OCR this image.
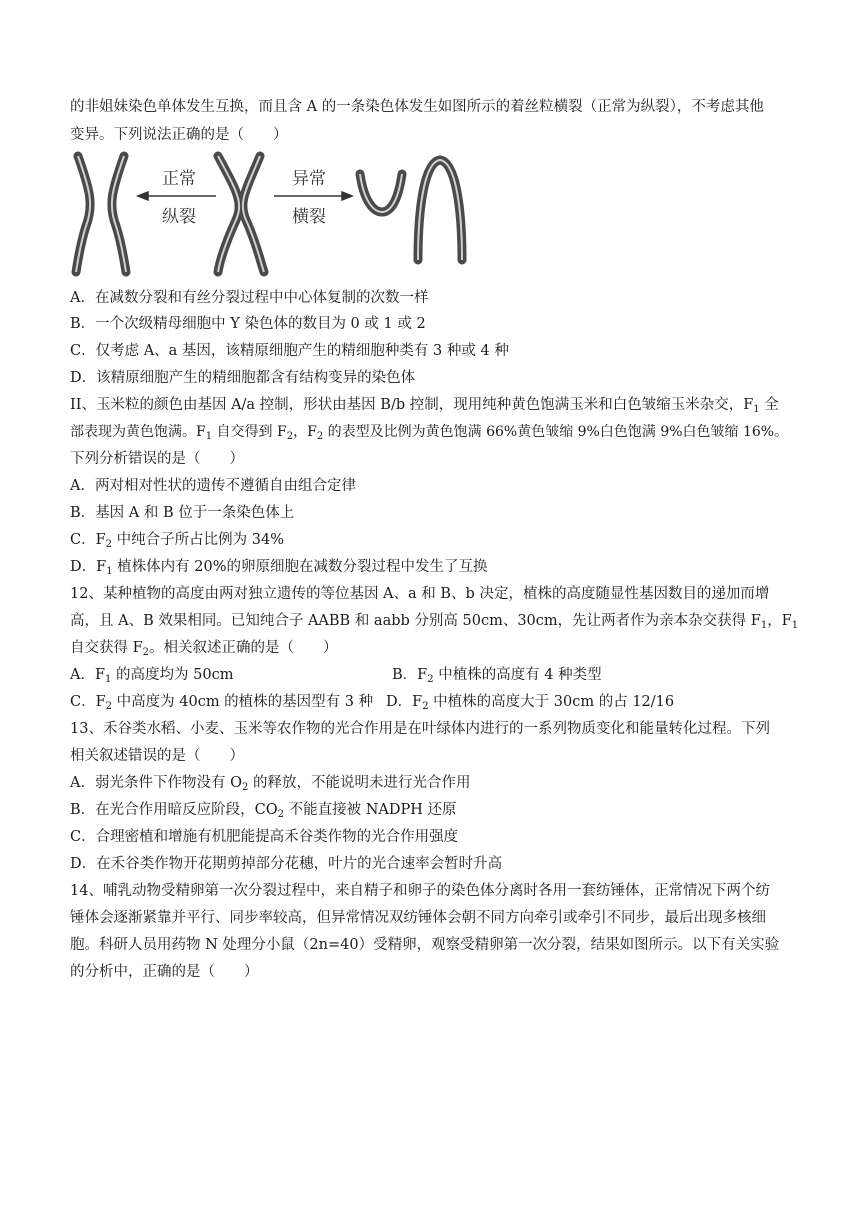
的非姐妹染色单体发生互换，而且含 A 的一条染色体发生如图所示的着丝粒横裂（正常为纵裂），不考虑其他
变异。下列说法正确的是（　　）
正常
纵裂
异常
横裂
A．在减数分裂和有丝分裂过程中中心体复制的次数一样
B．一个次级精母细胞中 Y 染色体的数目为 0 或 1 或 2
C．仅考虑 A、a 基因，该精原细胞产生的精细胞种类有 3 种或 4 种
D．该精原细胞产生的精细胞都含有结构变异的染色体
II、玉米粒的颜色由基因 A/a 控制，形状由基因 B/b 控制，现用纯种黄色饱满玉米和白色皱缩玉米杂交，$F_1$ 全
部表现为黄色饱满。$F_1$ 自交得到 $F_2$，$F_2$ 的表型及比例为黄色饱满 66%黄色皱缩 9%白色饱满 9%白色皱缩 16%。
下列分析错误的是（　　）
A．两对相对性状的遗传不遵循自由组合定律
B．基因 A 和 B 位于一条染色体上
C．$F_2$ 中纯合子所占比例为 34%
D．$F_1$ 植株体内有 20%的卵原细胞在减数分裂过程中发生了互换
12、某种植物的高度由两对独立遗传的等位基因 A、a 和 B、b 决定，植株的高度随显性基因数目的递加而增
高，且 A、B 效果相同。已知纯合子 AABB 和 aabb 分别高 50cm、30cm，先让两者作为亲本杂交获得 $F_1$，$F_1$
自交获得 $F_2$。相关叙述正确的是（　　）
A．$F_1$ 的高度均为 50cm	B．$F_2$ 中植株的高度有 4 种类型
C．$F_2$ 中高度为 40cm 的植株的基因型有 3 种 D．$F_2$ 中植株的高度大于 30cm 的占 12/16
13、禾谷类水稻、小麦、玉米等农作物的光合作用是在叶绿体内进行的一系列物质变化和能量转化过程。下列
相关叙述错误的是（　　）
A．弱光条件下作物没有 $O_2$ 的释放，不能说明未进行光合作用
B．在光合作用暗反应阶段，$CO_2$ 不能直接被 NADPH 还原
C．合理密植和增施有机肥能提高禾谷类作物的光合作用强度
D．在禾谷类作物开花期剪掉部分花穗，叶片的光合速率会暂时升高
14、哺乳动物受精卵第一次分裂过程中，来自精子和卵子的染色体分离时各用一套纺锤体，正常情况下两个纺
锤体会逐渐紧靠并平行、同步率较高，但异常情况双纺锤体会朝不同方向牵引或牵引不同步，最后出现多核细
胞。科研人员用药物 N 处理分小鼠（2n=40）受精卵，观察受精卵第一次分裂，结果如图所示。以下有关实验
的分析中，正确的是（　　）
